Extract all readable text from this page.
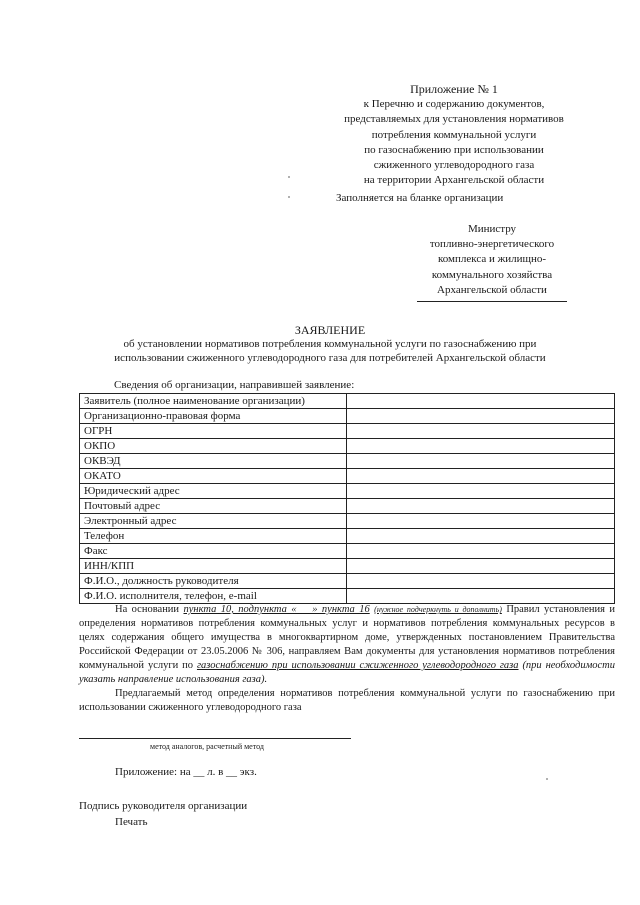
Приложение № 1
к Перечню и содержанию документов,
представляемых для установления нормативов
потребления коммунальной услуги
по газоснабжению при использовании
сжиженного углеводородного газа
на территории Архангельской области
Заполняется на бланке организации
Министру
топливно-энергетического
комплекса и жилищно-
коммунального хозяйства
Архангельской области
ЗАЯВЛЕНИЕ
об установлении нормативов потребления коммунальной услуги по газоснабжению при
использовании сжиженного углеводородного газа для потребителей Архангельской области
Сведения об организации, направившей заявление:
Заявитель (полное наименование организации)	
Организационно-правовая форма	
ОГРН	
ОКПО	
ОКВЭД	
ОКАТО	
Юридический адрес	
Почтовый адрес	
Электронный адрес	
Телефон	
Факс	
ИНН/КПП	
Ф.И.О., должность руководителя	
Ф.И.О. исполнителя, телефон, e-mail	
На основании пункта 10, подпункта «___» пункта 16 (нужное подчеркнуть и дополнить) Правил установления и определения нормативов потребления коммунальных услуг и нормативов потребления коммунальных ресурсов в целях содержания общего имущества в многоквартирном доме, утвержденных постановлением Правительства Российской Федерации от 23.05.2006 № 306, направляем Вам документы для установления нормативов потребления коммунальной услуги по газоснабжению при использовании сжиженного углеводородного газа (при необходимости указать направление использования газа).
Предлагаемый метод определения нормативов потребления коммунальной услуги по газоснабжению при использовании сжиженного углеводородного газа
метод аналогов, расчетный метод
Приложение: на __ л. в __ экз.
Подпись руководителя организации
Печать
